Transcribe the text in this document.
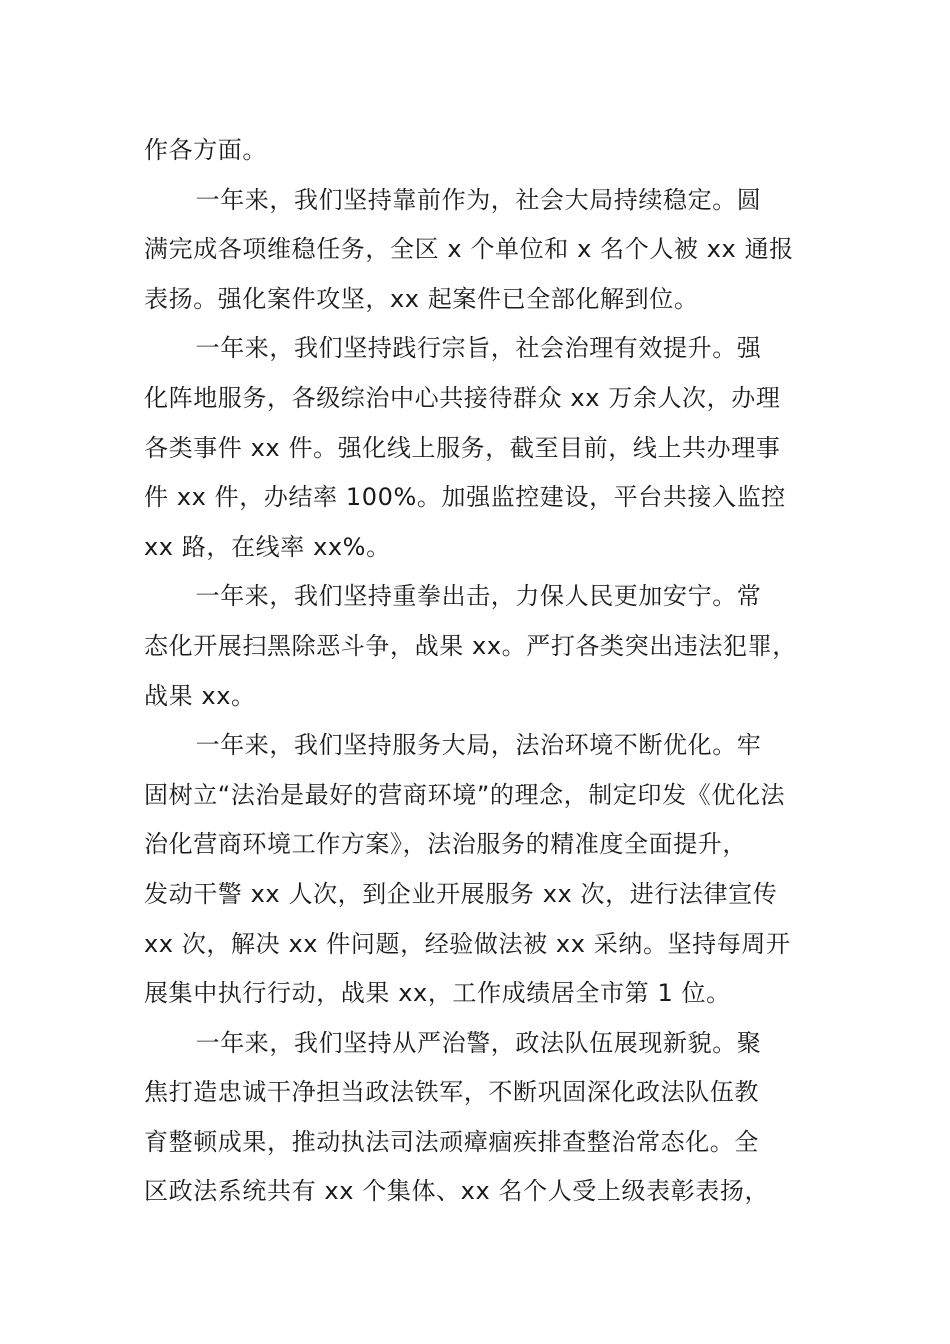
作各方面。

一年来，我们坚持靠前作为，社会大局持续稳定。圆
满完成各项维稳任务，全区 x 个单位和 x 名个人被 xx 通报
表扬。强化案件攻坚，xx 起案件已全部化解到位。

一年来，我们坚持践行宗旨，社会治理有效提升。强
化阵地服务，各级综治中心共接待群众 xx 万余人次，办理
各类事件 xx 件。强化线上服务，截至目前，线上共办理事
件 xx 件，办结率 100%。加强监控建设，平台共接入监控
xx 路，在线率 xx%。

一年来，我们坚持重拳出击，力保人民更加安宁。常
态化开展扫黑除恶斗争，战果 xx。严打各类突出违法犯罪，
战果 xx。

一年来，我们坚持服务大局，法治环境不断优化。牢
固树立“法治是最好的营商环境”的理念，制定印发《优化法
治化营商环境工作方案》，法治服务的精准度全面提升，
发动干警 xx 人次，到企业开展服务 xx 次，进行法律宣传
xx 次，解决 xx 件问题，经验做法被 xx 采纳。坚持每周开
展集中执行行动，战果 xx，工作成绩居全市第 1 位。

一年来，我们坚持从严治警，政法队伍展现新貌。聚
焦打造忠诚干净担当政法铁军，不断巩固深化政法队伍教
育整顿成果，推动执法司法顽瘴痼疾排查整治常态化。全
区政法系统共有 xx 个集体、xx 名个人受上级表彰表扬，
